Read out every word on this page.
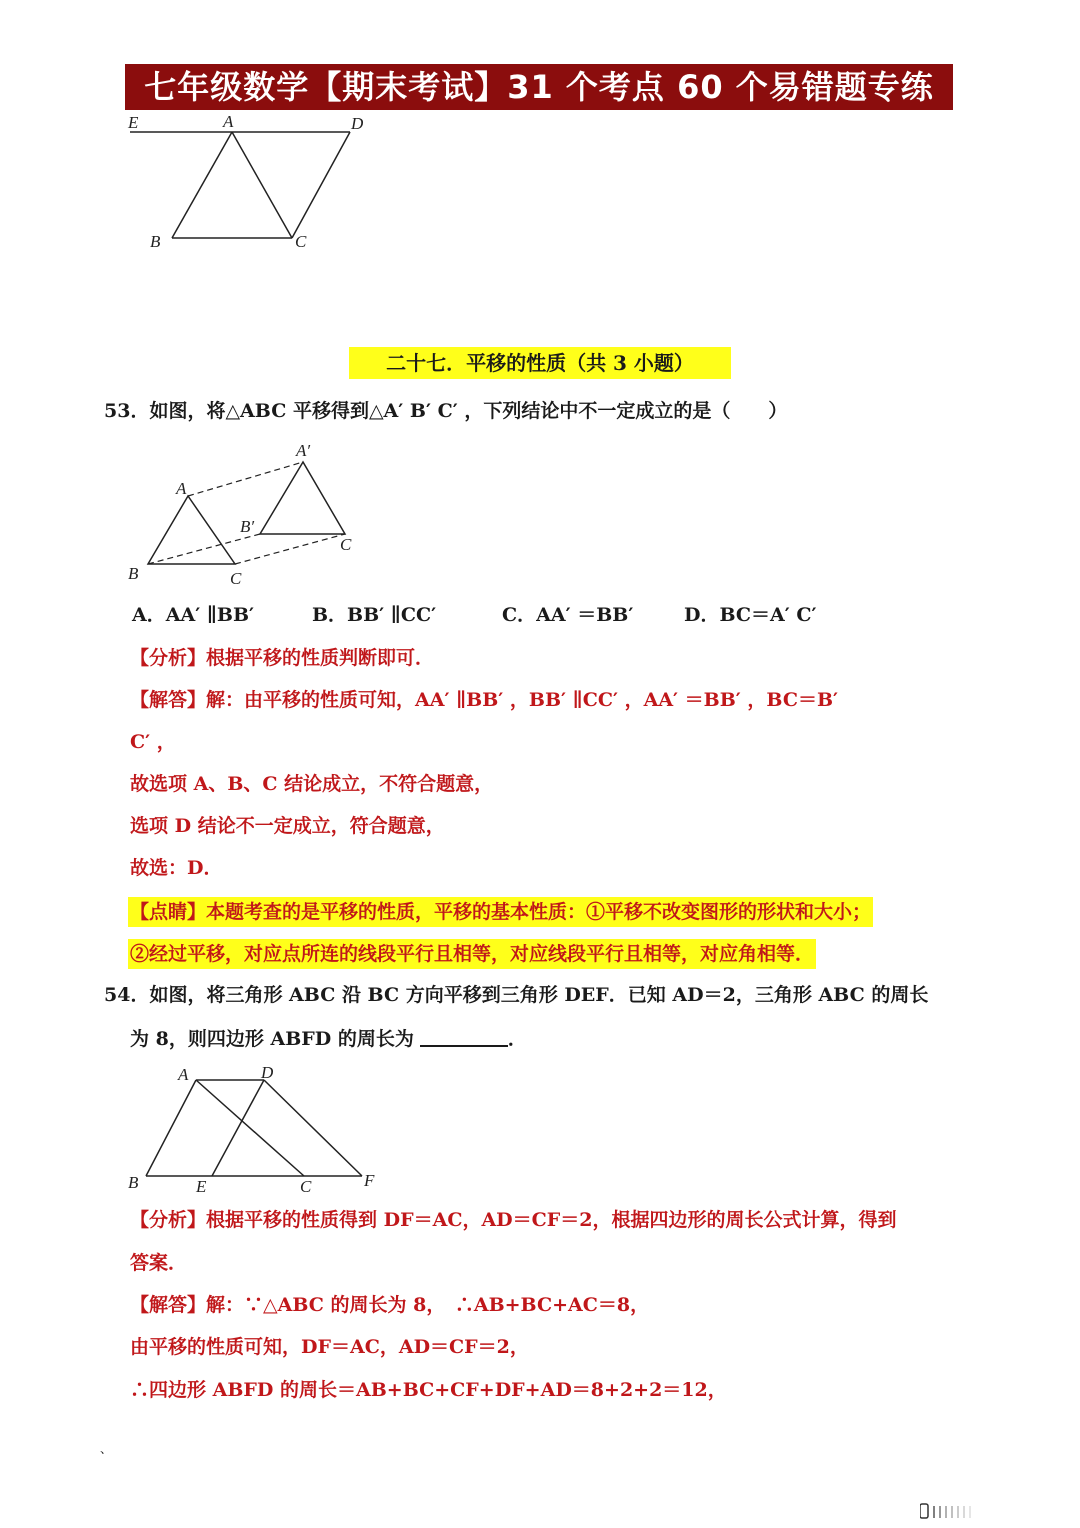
七年级数学【期末考试】31 个考点 60 个易错题专练
E	A	D
B	C
二十七．平移的性质（共 3 小题）
53．如图，将△ABC 平移得到△A′ B′ C′ ，下列结论中不一定成立的是（　　）
A
A′
B′
B	C
C
A．AA′ ∥BB′	B．BB′ ∥CC′	C．AA′ ＝BB′	D．BC＝A′ C′
【分析】根据平移的性质判断即可．
【解答】解：由平移的性质可知，AA′ ∥BB′ ，BB′ ∥CC′ ，AA′ ＝BB′ ，BC＝B′
C′ ，
故选项 A、B、C 结论成立，不符合题意，
选项 D 结论不一定成立，符合题意，
故选：D．
【点睛】本题考查的是平移的性质，平移的基本性质：①平移不改变图形的形状和大小；
②经过平移，对应点所连的线段平行且相等，对应线段平行且相等，对应角相等．
54．如图，将三角形 ABC 沿 BC 方向平移到三角形 DEF．已知 AD＝2，三角形 ABC 的周长
为 8，则四边形 ABFD 的周长为	．
A	D
B	E	C	F
【分析】根据平移的性质得到 DF＝AC，AD＝CF＝2，根据四边形的周长公式计算，得到
答案．
【解答】解：∵△ABC 的周长为 8，　∴AB+BC+AC＝8，
由平移的性质可知，DF＝AC，AD＝CF＝2，
∴四边形 ABFD 的周长＝AB+BC+CF+DF+AD＝8+2+2＝12，
、
